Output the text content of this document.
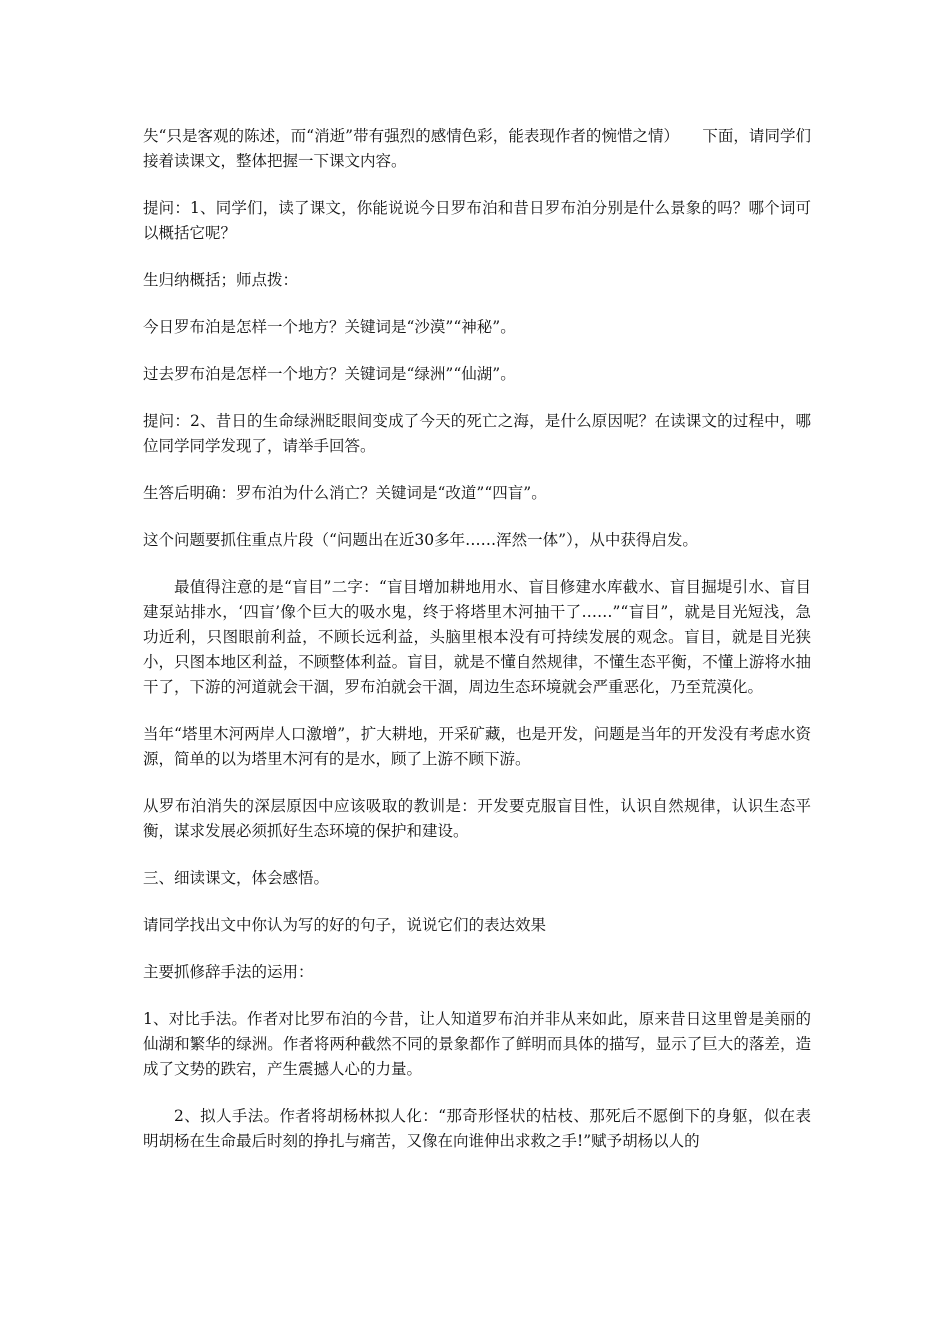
失“只是客观的陈述，而“消逝”带有强烈的感情色彩，能表现作者的惋惜之情）　　下面，请同学们接着读课文，整体把握一下课文内容。

提问：1、同学们，读了课文，你能说说今日罗布泊和昔日罗布泊分别是什么景象的吗？哪个词可以概括它呢？

生归纳概括；师点拨：

今日罗布泊是怎样一个地方？关键词是“沙漠”“神秘”。

过去罗布泊是怎样一个地方？关键词是“绿洲”“仙湖”。

提问：2、昔日的生命绿洲眨眼间变成了今天的死亡之海，是什么原因呢？在读课文的过程中，哪位同学同学发现了，请举手回答。

生答后明确：罗布泊为什么消亡？关键词是“改道”“四盲”。

这个问题要抓住重点片段（“问题出在近30多年……浑然一体”），从中获得启发。

最值得注意的是“盲目”二字：“盲目增加耕地用水、盲目修建水库截水、盲目掘堤引水、盲目建泵站排水，‘四盲’像个巨大的吸水鬼，终于将塔里木河抽干了……”“盲目”，就是目光短浅，急功近利，只图眼前利益，不顾长远利益，头脑里根本没有可持续发展的观念。盲目，就是目光狭小，只图本地区利益，不顾整体利益。盲目，就是不懂自然规律，不懂生态平衡，不懂上游将水抽干了，下游的河道就会干涸，罗布泊就会干涸，周边生态环境就会严重恶化，乃至荒漠化。

当年“塔里木河两岸人口激增”，扩大耕地，开采矿藏，也是开发，问题是当年的开发没有考虑水资源，简单的以为塔里木河有的是水，顾了上游不顾下游。

从罗布泊消失的深层原因中应该吸取的教训是：开发要克服盲目性，认识自然规律，认识生态平衡，谋求发展必须抓好生态环境的保护和建设。

三、细读课文，体会感悟。

请同学找出文中你认为写的好的句子，说说它们的表达效果

主要抓修辞手法的运用：

1、对比手法。作者对比罗布泊的今昔，让人知道罗布泊并非从来如此，原来昔日这里曾是美丽的仙湖和繁华的绿洲。作者将两种截然不同的景象都作了鲜明而具体的描写，显示了巨大的落差，造成了文势的跌宕，产生震撼人心的力量。

2、拟人手法。作者将胡杨林拟人化：“那奇形怪状的枯枝、那死后不愿倒下的身躯，似在表明胡杨在生命最后时刻的挣扎与痛苦，又像在向谁伸出求救之手!”赋予胡杨以人的
